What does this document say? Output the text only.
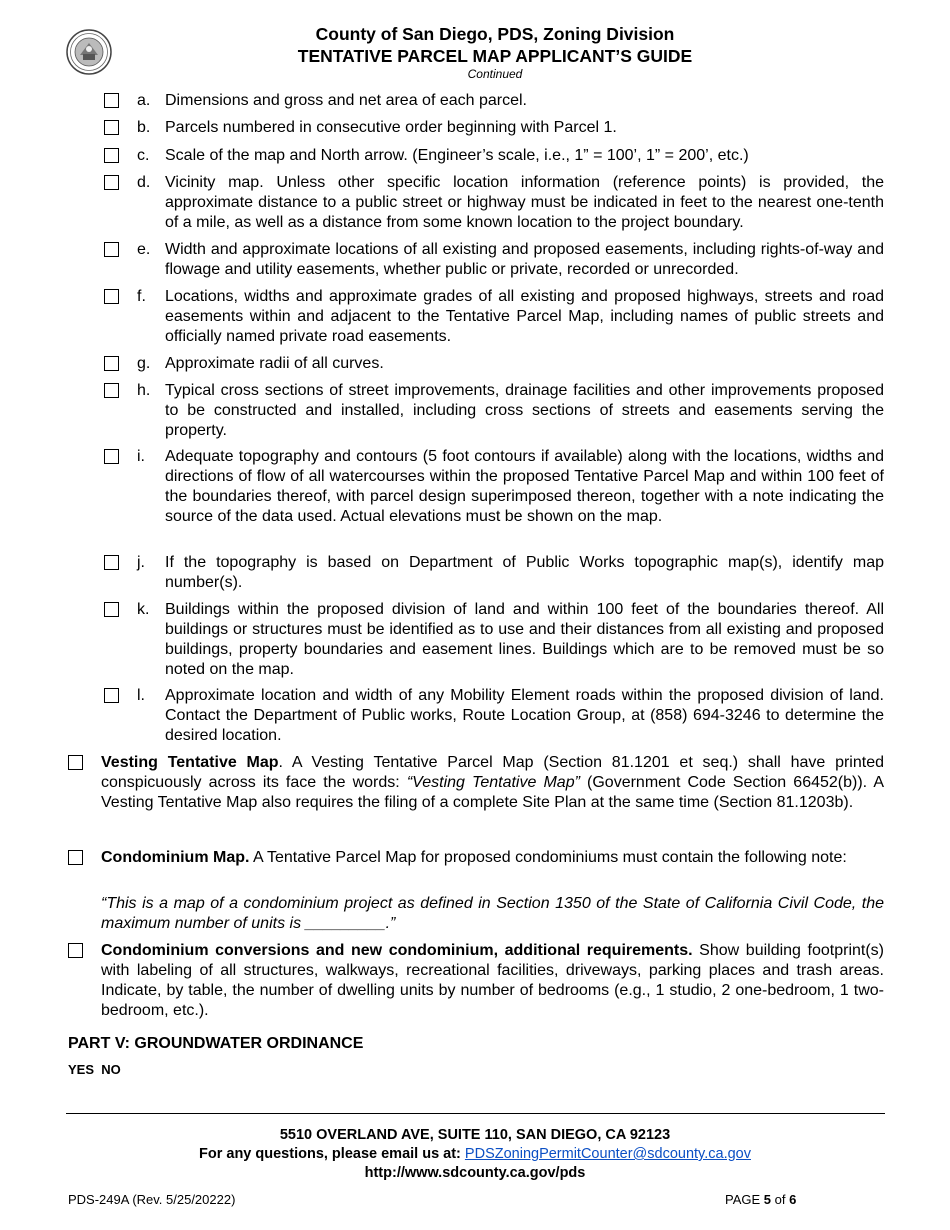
County of San Diego, PDS, Zoning Division
TENTATIVE PARCEL MAP APPLICANT’S GUIDE
Continued
a. Dimensions and gross and net area of each parcel.
b. Parcels numbered in consecutive order beginning with Parcel 1.
c. Scale of the map and North arrow. (Engineer’s scale, i.e., 1” = 100’, 1” = 200’, etc.)
d. Vicinity map. Unless other specific location information (reference points) is provided, the approximate distance to a public street or highway must be indicated in feet to the nearest one-tenth of a mile, as well as a distance from some known location to the project boundary.
e. Width and approximate locations of all existing and proposed easements, including rights-of-way and flowage and utility easements, whether public or private, recorded or unrecorded.
f. Locations, widths and approximate grades of all existing and proposed highways, streets and road easements within and adjacent to the Tentative Parcel Map, including names of public streets and officially named private road easements.
g. Approximate radii of all curves.
h. Typical cross sections of street improvements, drainage facilities and other improvements proposed to be constructed and installed, including cross sections of streets and easements serving the property.
i. Adequate topography and contours (5 foot contours if available) along with the locations, widths and directions of flow of all watercourses within the proposed Tentative Parcel Map and within 100 feet of the boundaries thereof, with parcel design superimposed thereon, together with a note indicating the source of the data used. Actual elevations must be shown on the map.
j. If the topography is based on Department of Public Works topographic map(s), identify map number(s).
k. Buildings within the proposed division of land and within 100 feet of the boundaries thereof. All buildings or structures must be identified as to use and their distances from all existing and proposed buildings, property boundaries and easement lines. Buildings which are to be removed must be so noted on the map.
l. Approximate location and width of any Mobility Element roads within the proposed division of land. Contact the Department of Public works, Route Location Group, at (858) 694-3246 to determine the desired location.
Vesting Tentative Map. A Vesting Tentative Parcel Map (Section 81.1201 et seq.) shall have printed conspicuously across its face the words: “Vesting Tentative Map” (Government Code Section 66452(b)). A Vesting Tentative Map also requires the filing of a complete Site Plan at the same time (Section 81.1203b).
Condominium Map. A Tentative Parcel Map for proposed condominiums must contain the following note:
“This is a map of a condominium project as defined in Section 1350 of the State of California Civil Code, the maximum number of units is _________.”
Condominium conversions and new condominium, additional requirements. Show building footprint(s) with labeling of all structures, walkways, recreational facilities, driveways, parking places and trash areas. Indicate, by table, the number of dwelling units by number of bedrooms (e.g., 1 studio, 2 one-bedroom, 1 two-bedroom, etc.).
PART V: GROUNDWATER ORDINANCE
YES NO
5510 OVERLAND AVE, SUITE 110, SAN DIEGO, CA 92123
For any questions, please email us at: PDSZoningPermitCounter@sdcounty.ca.gov
http://www.sdcounty.ca.gov/pds
PDS-249A (Rev. 5/25/20222)	PAGE 5 of 6
